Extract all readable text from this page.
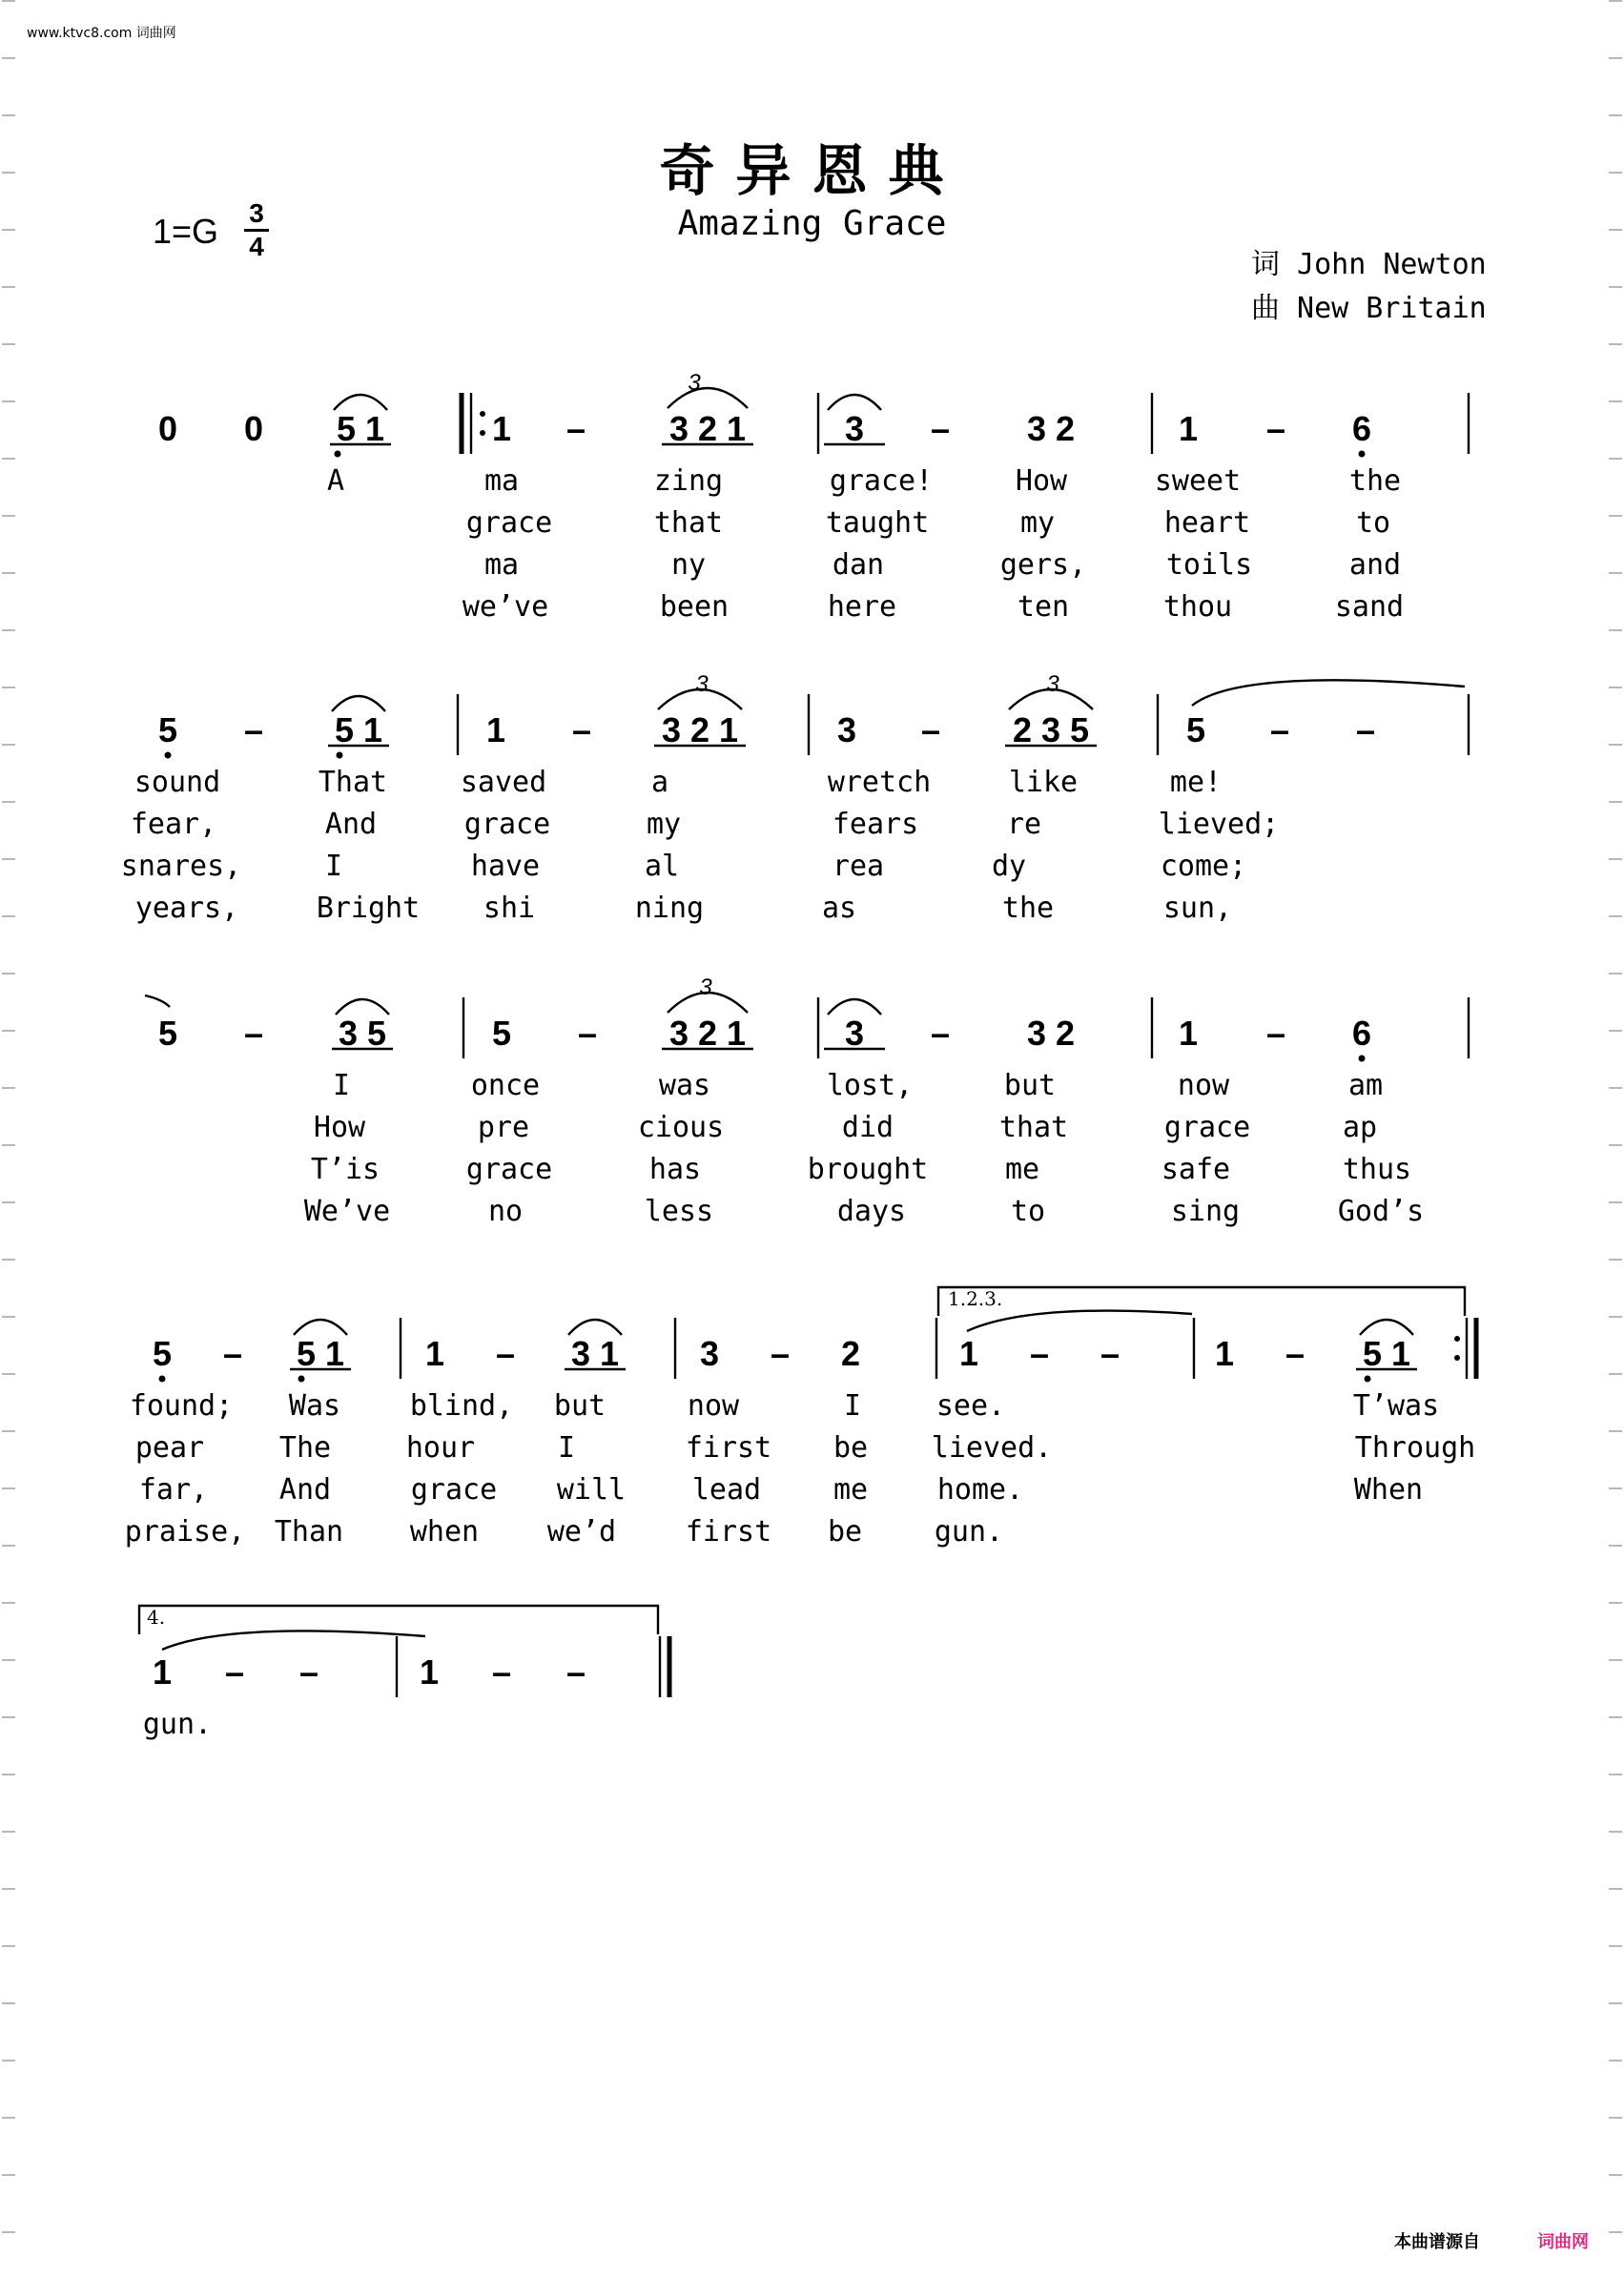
www.ktvc8.com 词曲网
奇异恩典
Amazing Grace
1=G 3
4
词 John Newton
曲 New Britain
0 0 5 1	1 – 3 2 1	3 – 3 2	1 – 6
3
A	ma	zing	grace!	How	sweet	the
grace	that	taught	my	heart	to
ma	ny	dan	gers,	toils	and
we’ve	been	here	ten	thou	sand
5 – 5 1	1 – 3 2 1	3 – 2 3 5	5 – –
3	3
sound	That	saved	a	wretch	like	me!
fear,	And	grace	my	fears	re	lieved;
snares,	I	have	al	rea	dy	come;
years,	Bright shi	ning	as	the	sun,
5 – 3 5	5 – 3 2 1	3 – 3 2	1 – 6
3
I	once	was	lost,	but	now	am
How	pre	cious	did	that	grace	ap
T’is	grace	has	brought	me	safe	thus
We’ve	no	less	days	to	sing	God’s
5 – 5 1 1 – 3 1 3 – 2	1 – –	1 – 5 1
1.2.3.
found; Was blind, but	now	I	see.	T’was
pear	The	hour	I	first be lieved.	Through
far, And	grace will lead	me home.	When
praise, Than when we’d first be	gun.
1 – –	1 – –
4.
gun.
本曲谱源自	词曲网
